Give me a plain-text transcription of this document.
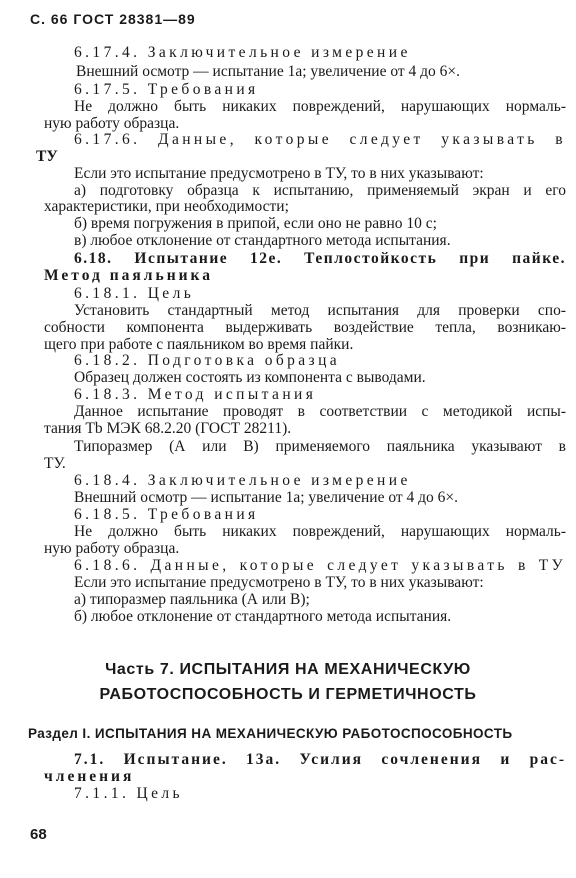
С. 66 ГОСТ 28381—89
6.17.4. Заключительное измерение
Внешний осмотр — испытание 1а; увеличение от 4 до 6×.
6.17.5. Требования
Не должно быть никаких повреждений, нарушающих нормаль-
ную работу образца.
6.17.6. Данные, которые следует указывать в
ТУ
Если это испытание предусмотрено в ТУ, то в них указывают:
а) подготовку образца к испытанию, применяемый экран и его
характеристики, при необходимости;
б) время погружения в припой, если оно не равно 10 с;
в) любое отклонение от стандартного метода испытания.
6.18. Испытание 12е. Теплостойкость при пайке.
Метод паяльника
6.18.1. Цель
Установить стандартный метод испытания для проверки спо-
собности компонента выдерживать воздействие тепла, возникаю-
щего при работе с паяльником во время пайки.
6.18.2. Подготовка образца
Образец должен состоять из компонента с выводами.
6.18.3. Метод испытания
Данное испытание проводят в соответствии с методикой испы-
тания Tb МЭК 68.2.20 (ГОСТ 28211).
Типоразмер (А или В) применяемого паяльника указывают в
ТУ.
6.18.4. Заключительное измерение
Внешний осмотр — испытание 1а; увеличение от 4 до 6×.
6.18.5. Требования
Не должно быть никаких повреждений, нарушающих нормаль-
ную работу образца.
6.18.6. Данные, которые следует указывать в ТУ
Если это испытание предусмотрено в ТУ, то в них указывают:
а) типоразмер паяльника (А или В);
б) любое отклонение от стандартного метода испытания.
Часть 7. ИСПЫТАНИЯ НА МЕХАНИЧЕСКУЮ
РАБОТОСПОСОБНОСТЬ И ГЕРМЕТИЧНОСТЬ
Раздел I. ИСПЫТАНИЯ НА МЕХАНИЧЕСКУЮ РАБОТОСПОСОБНОСТЬ
7.1. Испытание. 13а. Усилия сочленения и рас-
членения
7.1.1. Цель
68
